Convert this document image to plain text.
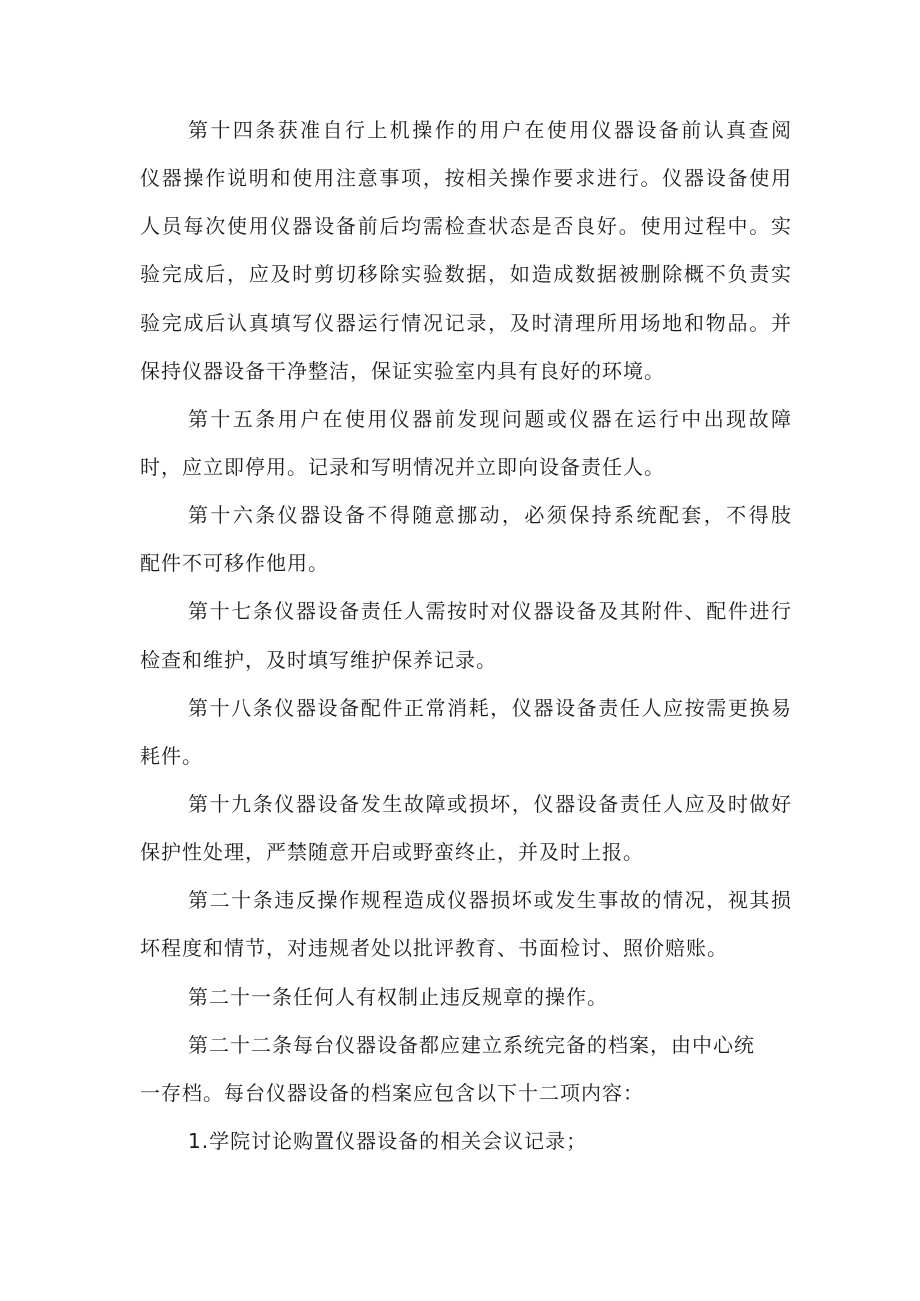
第十四条获准自行上机操作的用户在使用仪器设备前认真查阅
仪器操作说明和使用注意事项，按相关操作要求进行。仪器设备使用
人员每次使用仪器设备前后均需检查状态是否良好。使用过程中。实
验完成后，应及时剪切移除实验数据，如造成数据被删除概不负责实
验完成后认真填写仪器运行情况记录，及时清理所用场地和物品。并
保持仪器设备干净整洁，保证实验室内具有良好的环境。
第十五条用户在使用仪器前发现问题或仪器在运行中出现故障
时，应立即停用。记录和写明情况并立即向设备责任人。
第十六条仪器设备不得随意挪动，必须保持系统配套，不得肢
配件不可移作他用。
第十七条仪器设备责任人需按时对仪器设备及其附件、配件进行
检查和维护，及时填写维护保养记录。
第十八条仪器设备配件正常消耗，仪器设备责任人应按需更换易
耗件。
第十九条仪器设备发生故障或损坏，仪器设备责任人应及时做好
保护性处理，严禁随意开启或野蛮终止，并及时上报。
第二十条违反操作规程造成仪器损坏或发生事故的情况，视其损
坏程度和情节，对违规者处以批评教育、书面检讨、照价赔账。
第二十一条任何人有权制止违反规章的操作。
第二十二条每台仪器设备都应建立系统完备的档案，由中心统
一存档。每台仪器设备的档案应包含以下十二项内容：
1.学院讨论购置仪器设备的相关会议记录；
